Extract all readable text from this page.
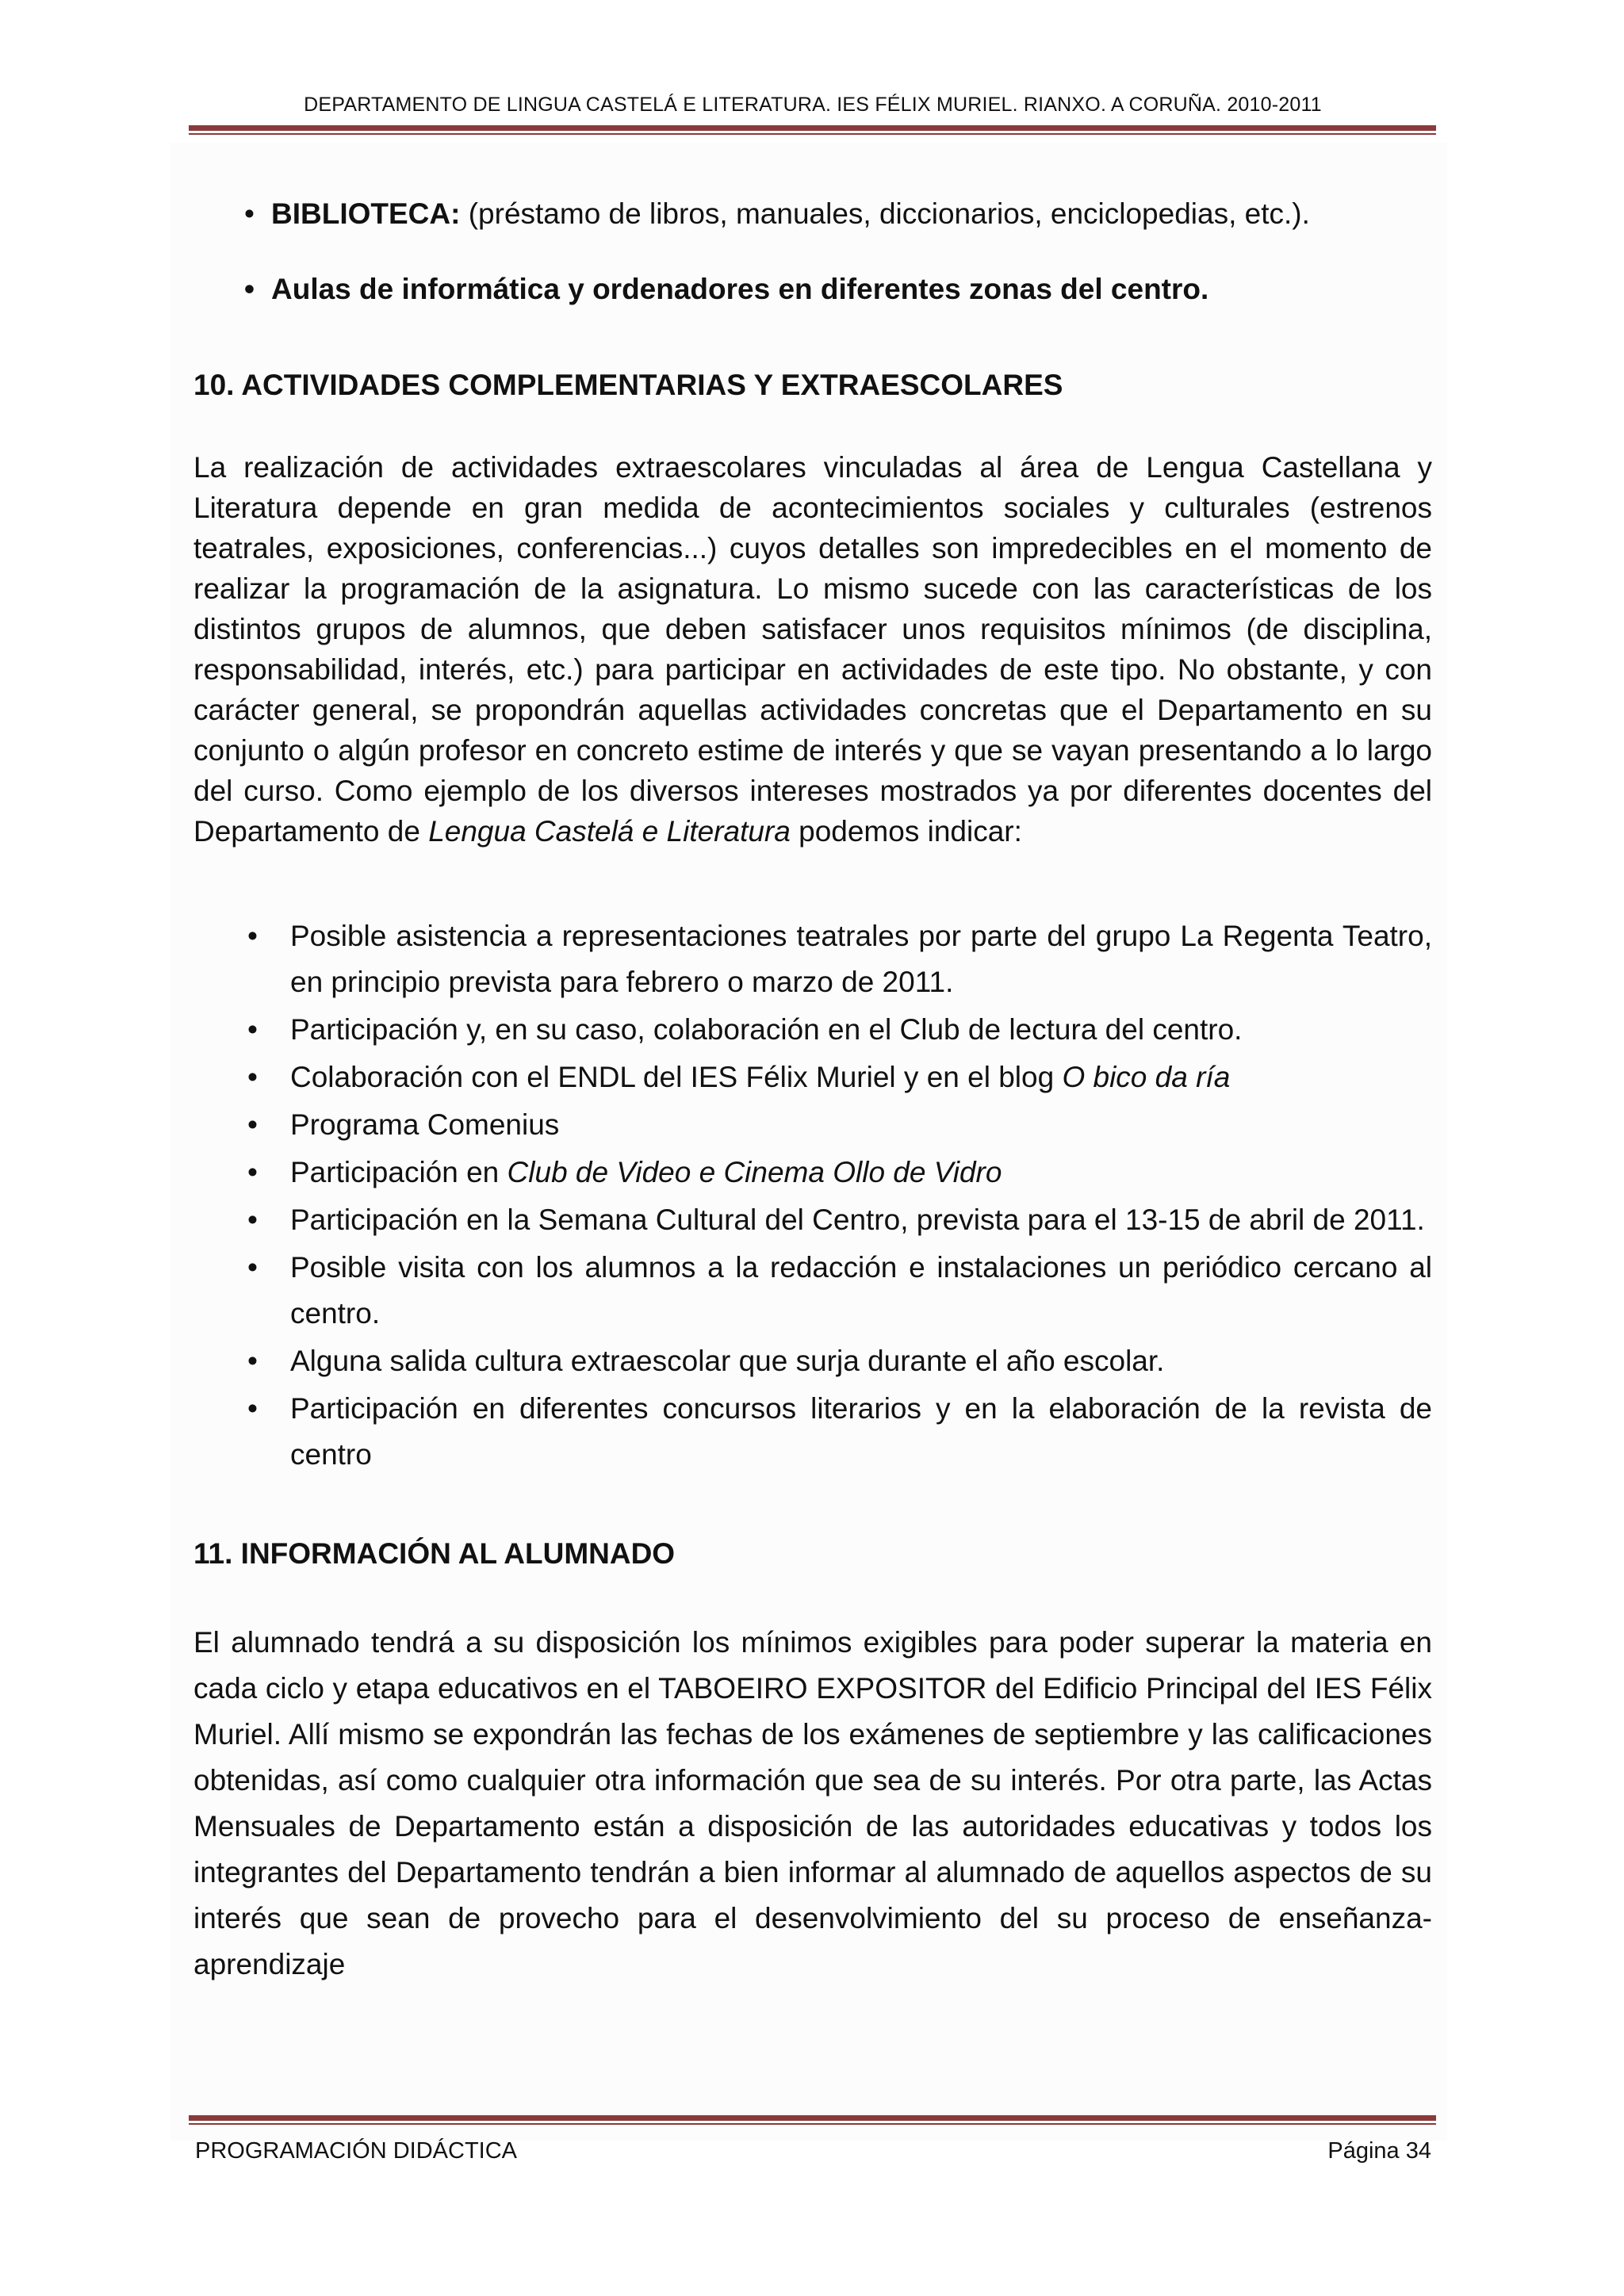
DEPARTAMENTO DE LINGUA CASTELÁ E LITERATURA. IES FÉLIX MURIEL. RIANXO. A CORUÑA. 2010-2011

• BIBLIOTECA: (préstamo de libros, manuales, diccionarios, enciclopedias, etc.).

• Aulas de informática y ordenadores en diferentes zonas del centro.

10. ACTIVIDADES COMPLEMENTARIAS Y EXTRAESCOLARES

La realización de actividades extraescolares vinculadas al área de Lengua Castellana y Literatura depende en gran medida de acontecimientos sociales y culturales (estrenos teatrales, exposiciones, conferencias...) cuyos detalles son impredecibles en el momento de realizar la programación de la asignatura. Lo mismo sucede con las características de los distintos grupos de alumnos, que deben satisfacer unos requisitos mínimos (de disciplina, responsabilidad, interés, etc.) para participar en actividades de este tipo. No obstante, y con carácter general, se propondrán aquellas actividades concretas que el Departamento en su conjunto o algún profesor en concreto estime de interés y que se vayan presentando a lo largo del curso. Como ejemplo de los diversos intereses mostrados ya por diferentes docentes del Departamento de Lengua Castelá e Literatura podemos indicar:

• Posible asistencia a representaciones teatrales por parte del grupo La Regenta Teatro, en principio prevista para febrero o marzo de 2011.
• Participación y, en su caso, colaboración en el Club de lectura del centro.
• Colaboración con el ENDL del IES Félix Muriel y en el blog O bico da ría
• Programa Comenius
• Participación en Club de Video e Cinema Ollo de Vidro
• Participación en la Semana Cultural del Centro, prevista para el 13-15 de abril de 2011.
• Posible visita con los alumnos a la redacción e instalaciones un periódico cercano al centro.
• Alguna salida cultura extraescolar que surja durante el año escolar.
• Participación en diferentes concursos literarios y en la elaboración de la revista de centro
11. INFORMACIÓN AL ALUMNADO

El alumnado tendrá a su disposición los mínimos exigibles para poder superar la materia en cada ciclo y etapa educativos en el TABOEIRO EXPOSITOR del Edificio Principal del IES Félix Muriel. Allí mismo se expondrán las fechas de los exámenes de septiembre y las calificaciones obtenidas, así como cualquier otra información que sea de su interés. Por otra parte, las Actas Mensuales de Departamento están a disposición de las autoridades educativas y todos los integrantes del Departamento tendrán a bien informar al alumnado de aquellos aspectos de su interés que sean de provecho para el desenvolvimiento del su proceso de enseñanza-aprendizaje

PROGRAMACIÓN DIDÁCTICA	Página 34
